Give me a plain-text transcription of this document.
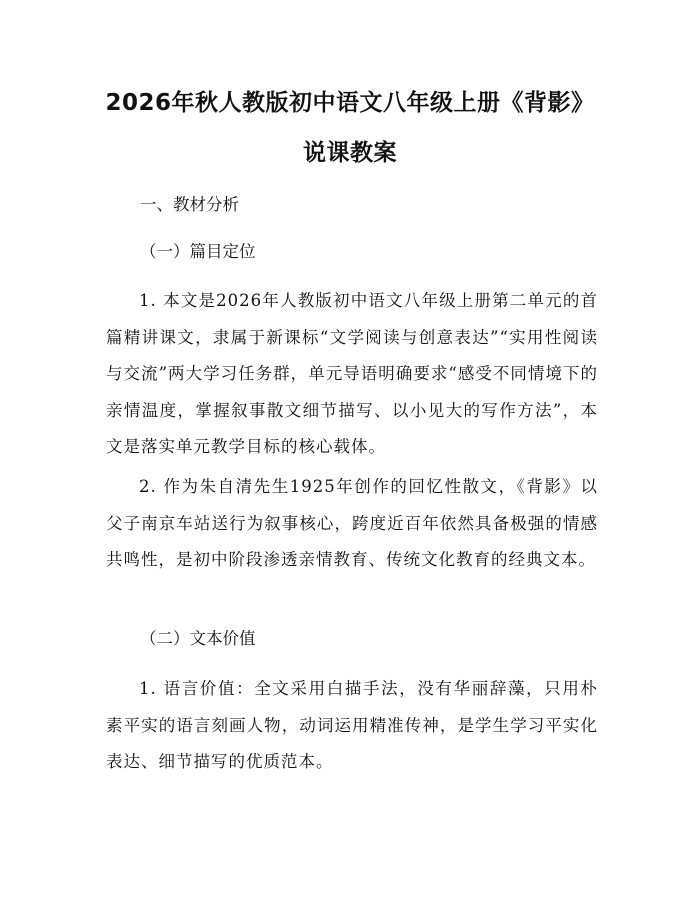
2026年秋人教版初中语文八年级上册《背影》说课教案
一、教材分析
（一）篇目定位
1. 本文是2026年人教版初中语文八年级上册第二单元的首篇精讲课文，隶属于新课标“文学阅读与创意表达”“实用性阅读与交流”两大学习任务群，单元导语明确要求“感受不同情境下的亲情温度，掌握叙事散文细节描写、以小见大的写作方法”，本文是落实单元教学目标的核心载体。
2. 作为朱自清先生1925年创作的回忆性散文，《背影》以父子南京车站送行为叙事核心，跨度近百年依然具备极强的情感共鸣性，是初中阶段渗透亲情教育、传统文化教育的经典文本。
（二）文本价值
1. 语言价值：全文采用白描手法，没有华丽辞藻，只用朴素平实的语言刻画人物，动词运用精准传神，是学生学习平实化表达、细节描写的优质范本。
